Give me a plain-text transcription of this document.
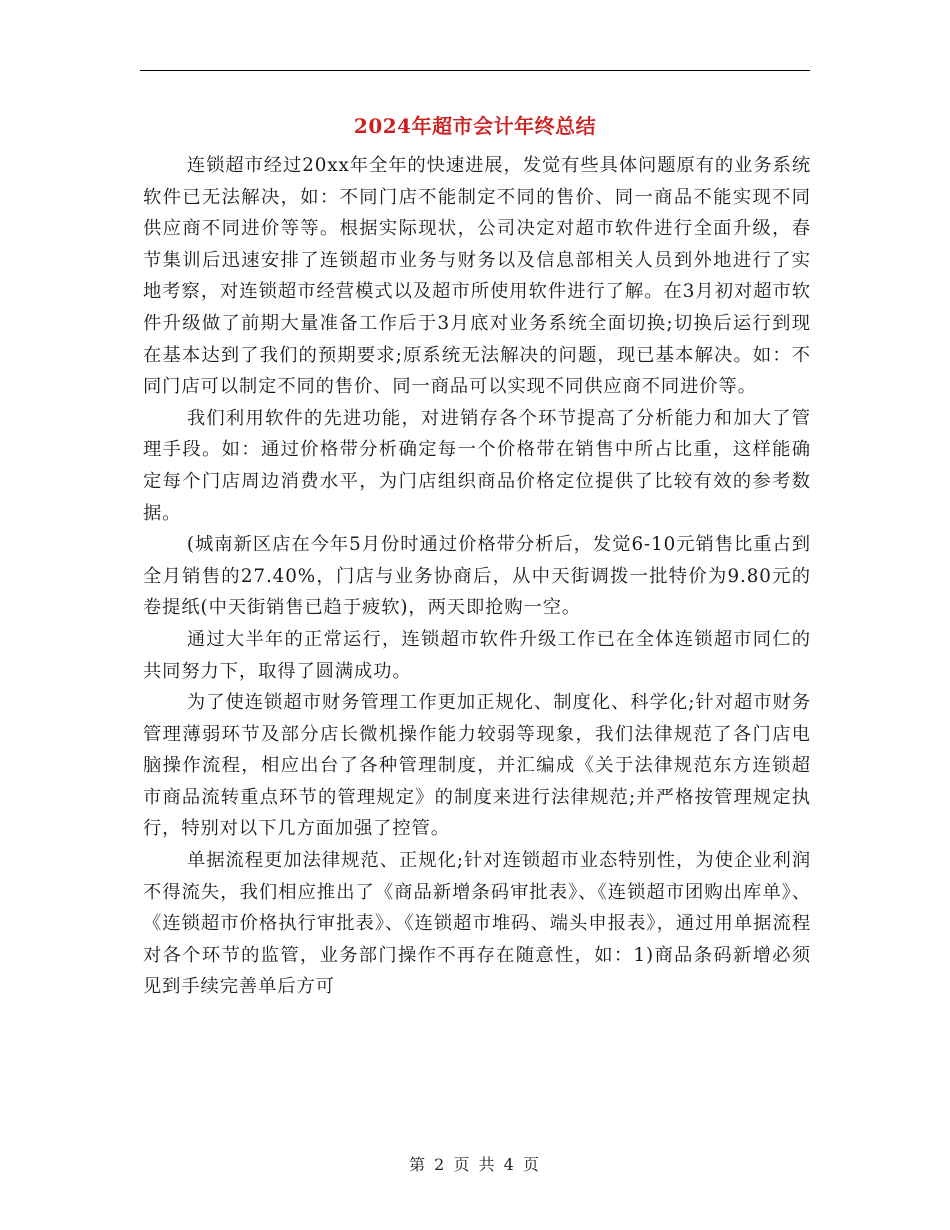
2024年超市会计年终总结

连锁超市经过20xx年全年的快速进展，发觉有些具体问题原有的业务系统软件已无法解决，如：不同门店不能制定不同的售价、同一商品不能实现不同供应商不同进价等等。根据实际现状，公司决定对超市软件进行全面升级，春节集训后迅速安排了连锁超市业务与财务以及信息部相关人员到外地进行了实地考察，对连锁超市经营模式以及超市所使用软件进行了解。在3月初对超市软件升级做了前期大量准备工作后于3月底对业务系统全面切换;切换后运行到现在基本达到了我们的预期要求;原系统无法解决的问题，现已基本解决。如：不同门店可以制定不同的售价、同一商品可以实现不同供应商不同进价等。

我们利用软件的先进功能，对进销存各个环节提高了分析能力和加大了管理手段。如：通过价格带分析确定每一个价格带在销售中所占比重，这样能确定每个门店周边消费水平，为门店组织商品价格定位提供了比较有效的参考数据。

(城南新区店在今年5月份时通过价格带分析后，发觉6-10元销售比重占到全月销售的27.40%，门店与业务协商后，从中天街调拨一批特价为9.80元的卷提纸(中天街销售已趋于疲软)，两天即抢购一空。

通过大半年的正常运行，连锁超市软件升级工作已在全体连锁超市同仁的共同努力下，取得了圆满成功。

为了使连锁超市财务管理工作更加正规化、制度化、科学化;针对超市财务管理薄弱环节及部分店长微机操作能力较弱等现象，我们法律规范了各门店电脑操作流程，相应出台了各种管理制度，并汇编成《关于法律规范东方连锁超市商品流转重点环节的管理规定》的制度来进行法律规范;并严格按管理规定执行，特别对以下几方面加强了控管。

单据流程更加法律规范、正规化;针对连锁超市业态特别性，为使企业利润不得流失，我们相应推出了《商品新增条码审批表》、《连锁超市团购出库单》、《连锁超市价格执行审批表》、《连锁超市堆码、端头申报表》，通过用单据流程对各个环节的监管，业务部门操作不再存在随意性，如：1)商品条码新增必须见到手续完善单后方可

第 2 页 共 4 页
